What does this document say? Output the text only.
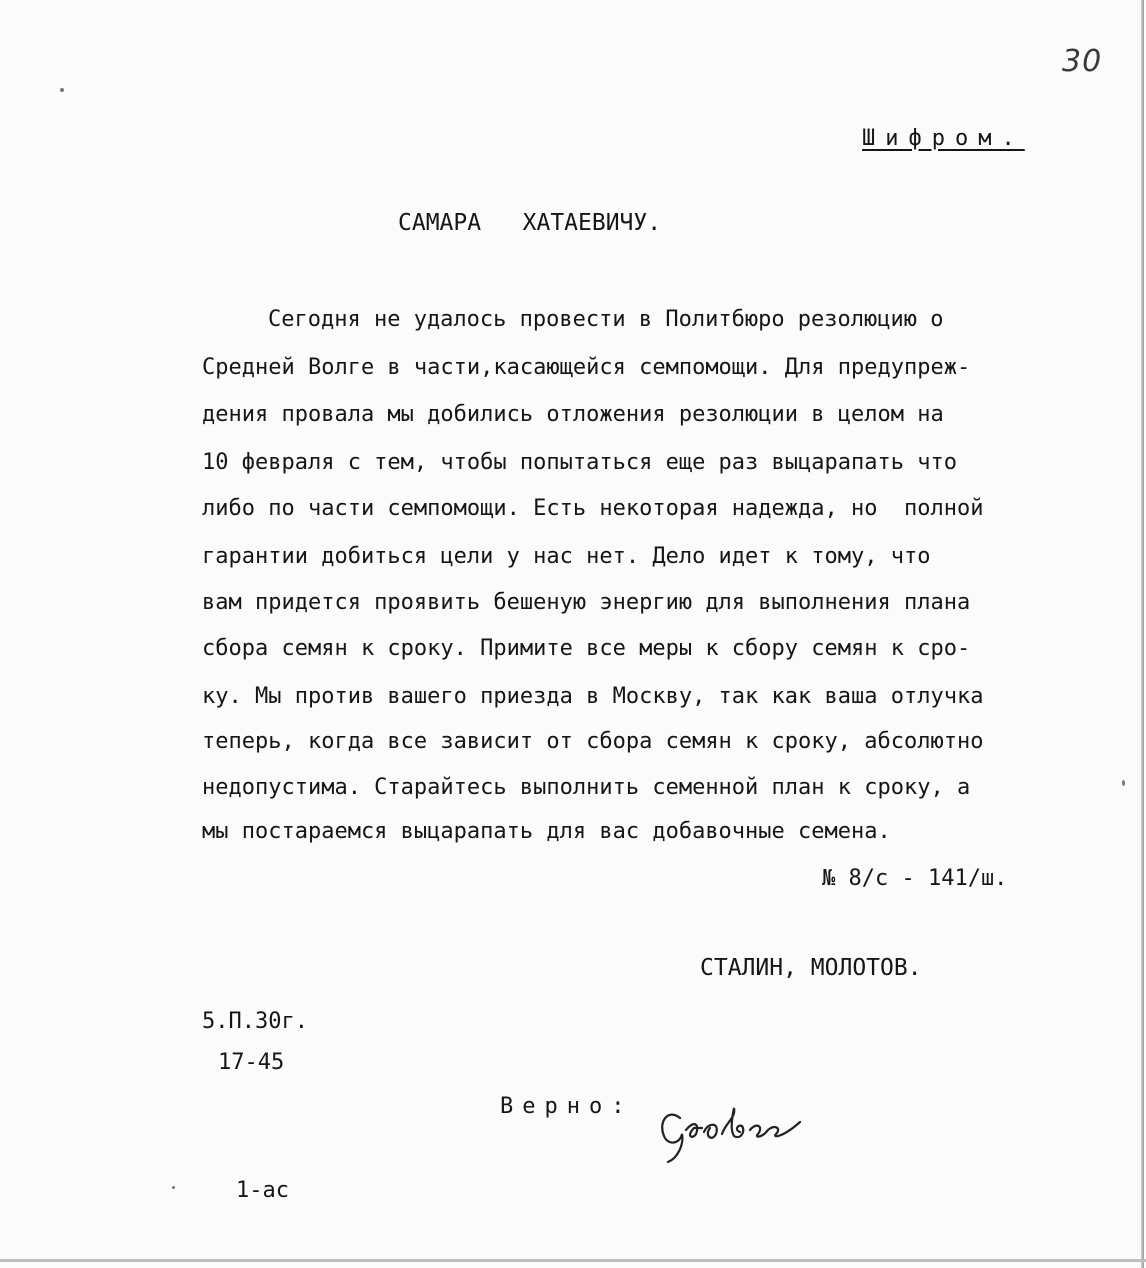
30
Шифром.
САМАРА   ХАТАЕВИЧУ.
Сегодня не удалось провести в Политбюро резолюцию о
Средней Волге в части,касающейся семпомощи. Для предупреж-
дения провала мы добились отложения резолюции в целом на
10 февраля с тем, чтобы попытаться еще раз выцарапать что
либо по части семпомощи. Есть некоторая надежда, но  полной
гарантии добиться цели у нас нет. Дело идет к тому, что
вам придется проявить бешеную энергию для выполнения плана
сбора семян к сроку. Примите все меры к сбору семян к сро-
ку. Мы против вашего приезда в Москву, так как ваша отлучка
теперь, когда все зависит от сбора семян к сроку, абсолютно
недопустима. Старайтесь выполнить семенной план к сроку, а
мы постараемся выцарапать для вас добавочные семена.
№ 8/с - 141/ш.
СТАЛИН, МОЛОТОВ.
5.П.30г.
17-45
Верно:
1-ас
